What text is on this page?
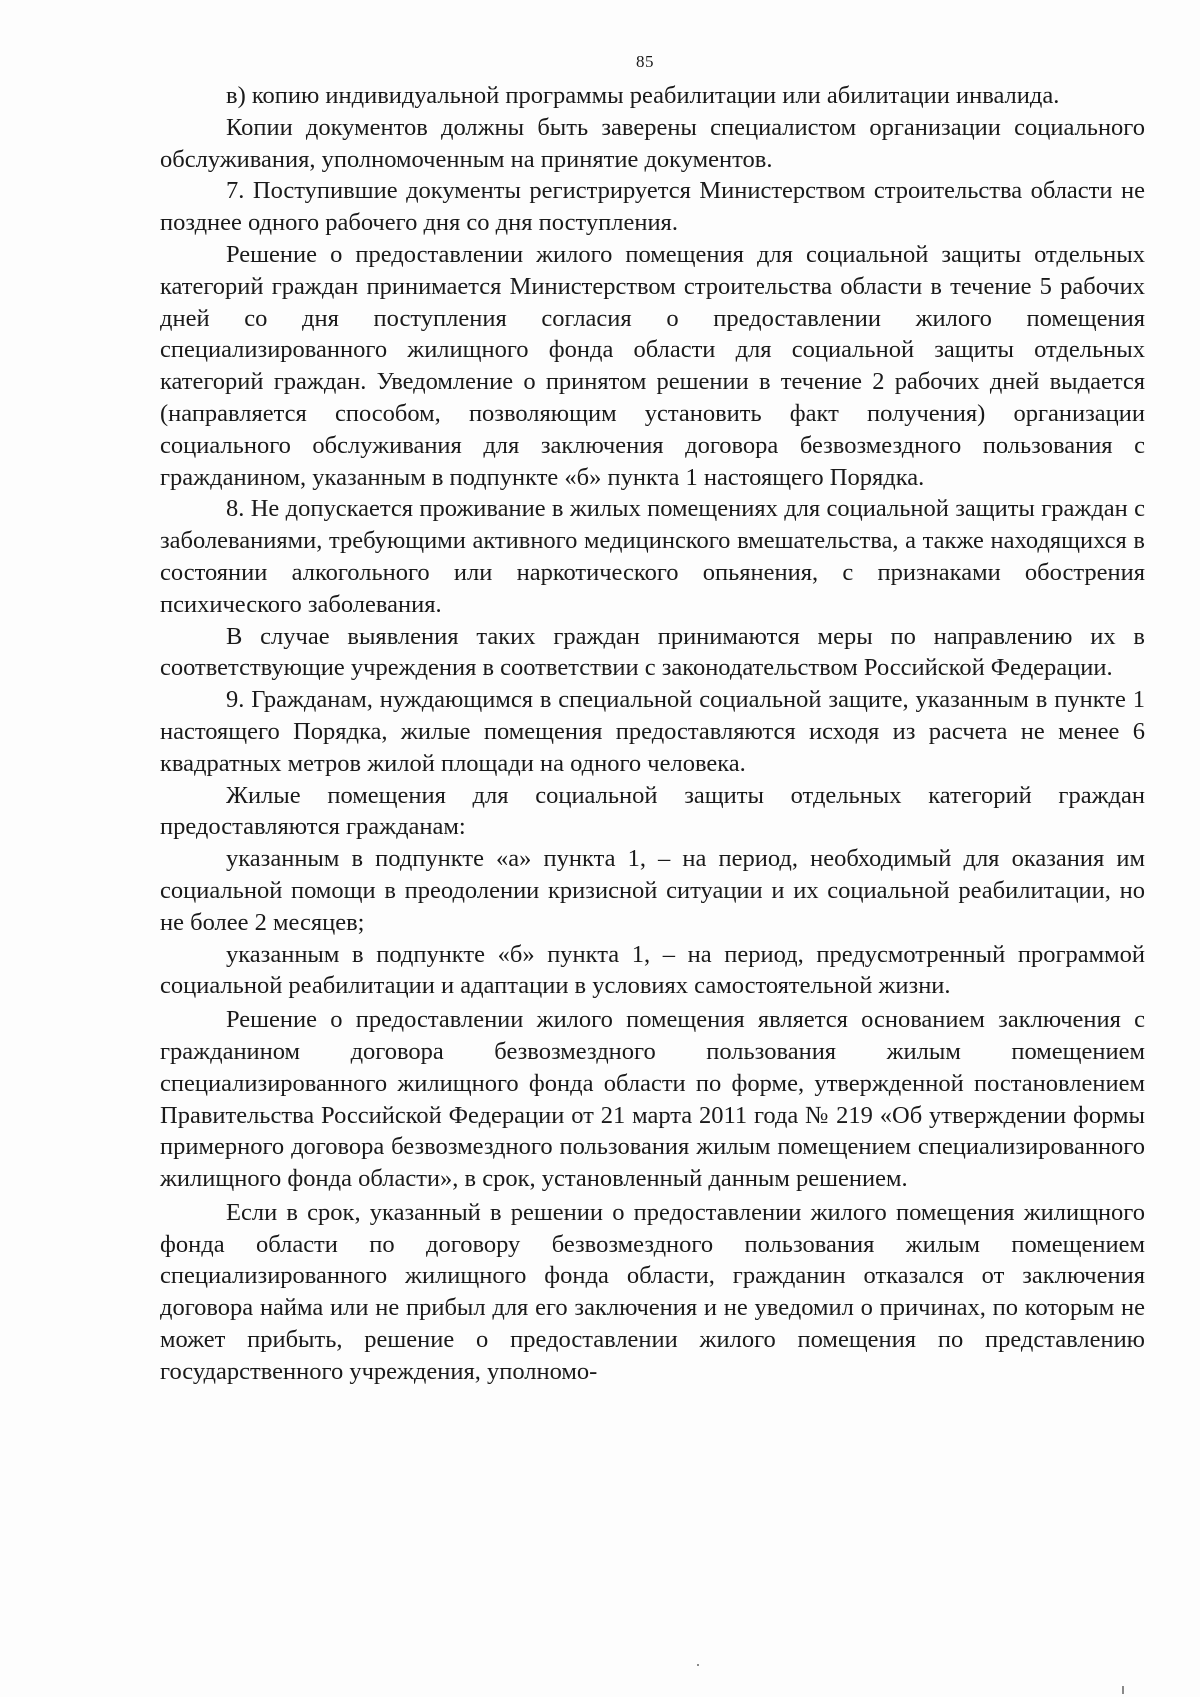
85

в) копию индивидуальной программы реабилитации или абилитации инвалида.

Копии документов должны быть заверены специалистом организации социального обслуживания, уполномоченным на принятие документов.

7. Поступившие документы регистрируется Министерством строительства области не позднее одного рабочего дня со дня поступления.

Решение о предоставлении жилого помещения для социальной защиты отдельных категорий граждан принимается Министерством строительства области в течение 5 рабочих дней со дня поступления согласия о предоставлении жилого помещения специализированного жилищного фонда области для социальной защиты отдельных категорий граждан. Уведомление о принятом решении в течение 2 рабочих дней выдается (направляется способом, позволяющим установить факт получения) организации социального обслуживания для заключения договора безвозмездного пользования с гражданином, указанным в подпункте «б» пункта 1 настоящего Порядка.

8. Не допускается проживание в жилых помещениях для социальной защиты граждан с заболеваниями, требующими активного медицинского вмешательства, а также находящихся в состоянии алкогольного или наркотического опьянения, с признаками обострения психического заболевания.

В случае выявления таких граждан принимаются меры по направлению их в соответствующие учреждения в соответствии с законодательством Российской Федерации.

9. Гражданам, нуждающимся в специальной социальной защите, указанным в пункте 1 настоящего Порядка, жилые помещения предоставляются исходя из расчета не менее 6 квадратных метров жилой площади на одного человека.

Жилые помещения для социальной защиты отдельных категорий граждан предоставляются гражданам:

указанным в подпункте «а» пункта 1, – на период, необходимый для оказания им социальной помощи в преодолении кризисной ситуации и их социальной реабилитации, но не более 2 месяцев;

указанным в подпункте «б» пункта 1, – на период, предусмотренный программой социальной реабилитации и адаптации в условиях самостоятельной жизни.

Решение о предоставлении жилого помещения является основанием заключения с гражданином договора безвозмездного пользования жилым помещением специализированного жилищного фонда области по форме, утвержденной постановлением Правительства Российской Федерации от 21 марта 2011 года № 219 «Об утверждении формы примерного договора безвозмездного пользования жилым помещением специализированного жилищного фонда области», в срок, установленный данным решением.

Если в срок, указанный в решении о предоставлении жилого помещения жилищного фонда области по договору безвозмездного пользования жилым помещением специализированного жилищного фонда области, гражданин отказался от заключения договора найма или не прибыл для его заключения и не уведомил о причинах, по которым не может прибыть, решение о предоставлении жилого помещения по представлению государственного учреждения, уполномо-
